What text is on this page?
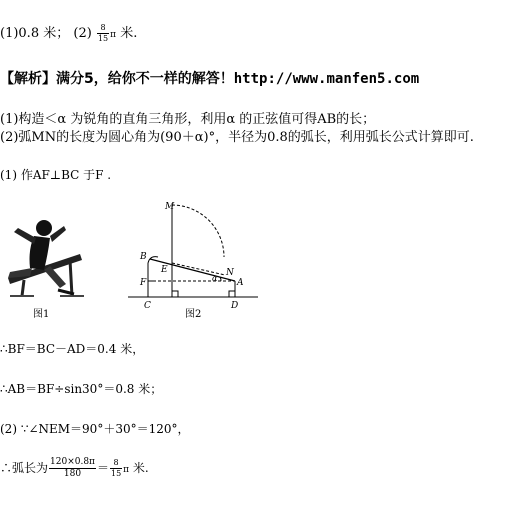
(1)0.8 米； $(2) \frac{8}{15}$ π 米.
【解析】满分5，给你不一样的解答！http://www.manfen5.com
(1)构造＜α 为锐角的直角三角形，利用α 的正弦值可得AB的长；
(2)弧MN的长度为圆心角为(90＋α)°，半径为0.8的弧长，利用弧长公式计算即可.
(1) 作AF⊥BC 于F .
图1
M
B
E	N
F	A
C	D
α
图2
∴BF＝BC－AD＝0.4 米，
∴AB＝BF÷sin30°＝0.8 米；
(2) ∵∠NEM＝90°＋30°＝120°，
∴弧长为 $\frac{120\times 0.8\pi}{180} = \frac{8}{15}$ π 米.
